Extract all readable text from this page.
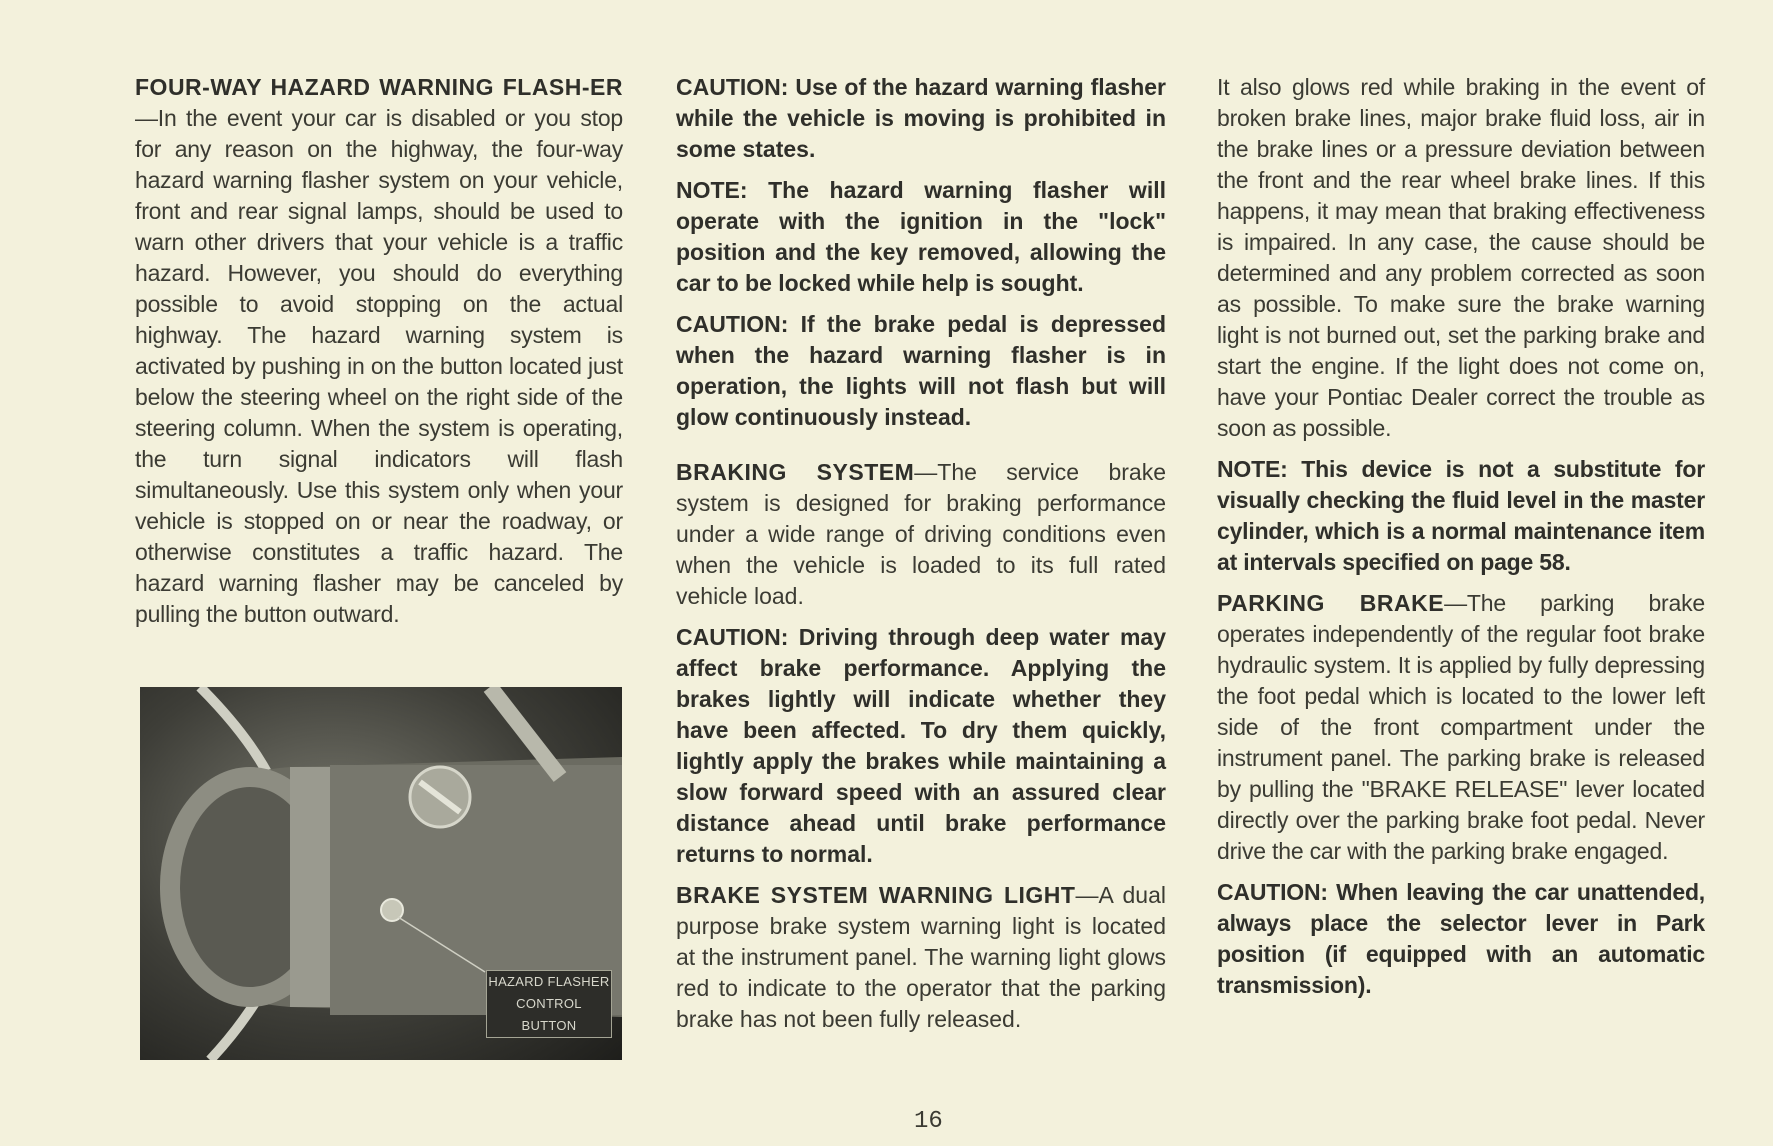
FOUR-WAY HAZARD WARNING FLASH-ER—In the event your car is disabled or you stop for any reason on the highway, the four-way hazard warning flasher system on your vehicle, front and rear signal lamps, should be used to warn other drivers that your vehicle is a traffic hazard. However, you should do everything possible to avoid stopping on the actual highway. The hazard warning system is activated by pushing in on the button located just below the steering wheel on the right side of the steering column. When the system is operating, the turn signal indicators will flash simultaneously. Use this system only when your vehicle is stopped on or near the roadway, or otherwise constitutes a traffic hazard. The hazard warning flasher may be canceled by pulling the button outward.

HAZARD FLASHER
CONTROL BUTTON

CAUTION: Use of the hazard warning flasher while the vehicle is moving is prohibited in some states.

NOTE: The hazard warning flasher will operate with the ignition in the "lock" position and the key removed, allowing the car to be locked while help is sought.

CAUTION: If the brake pedal is depressed when the hazard warning flasher is in operation, the lights will not flash but will glow continuously instead.

BRAKING SYSTEM—The service brake system is designed for braking performance under a wide range of driving conditions even when the vehicle is loaded to its full rated vehicle load.

CAUTION: Driving through deep water may affect brake performance. Applying the brakes lightly will indicate whether they have been affected. To dry them quickly, lightly apply the brakes while maintaining a slow forward speed with an assured clear distance ahead until brake performance returns to normal.

BRAKE SYSTEM WARNING LIGHT—A dual purpose brake system warning light is located at the instrument panel. The warning light glows red to indicate to the operator that the parking brake has not been fully released.

It also glows red while braking in the event of broken brake lines, major brake fluid loss, air in the brake lines or a pressure deviation between the front and the rear wheel brake lines. If this happens, it may mean that braking effectiveness is impaired. In any case, the cause should be determined and any problem corrected as soon as possible. To make sure the brake warning light is not burned out, set the parking brake and start the engine. If the light does not come on, have your Pontiac Dealer correct the trouble as soon as possible.

NOTE: This device is not a substitute for visually checking the fluid level in the master cylinder, which is a normal maintenance item at intervals specified on page 58.

PARKING BRAKE—The parking brake operates independently of the regular foot brake hydraulic system. It is applied by fully depressing the foot pedal which is located to the lower left side of the front compartment under the instrument panel. The parking brake is released by pulling the "BRAKE RELEASE" lever located directly over the parking brake foot pedal. Never drive the car with the parking brake engaged.

CAUTION: When leaving the car unattended, always place the selector lever in Park position (if equipped with an automatic transmission).

16
